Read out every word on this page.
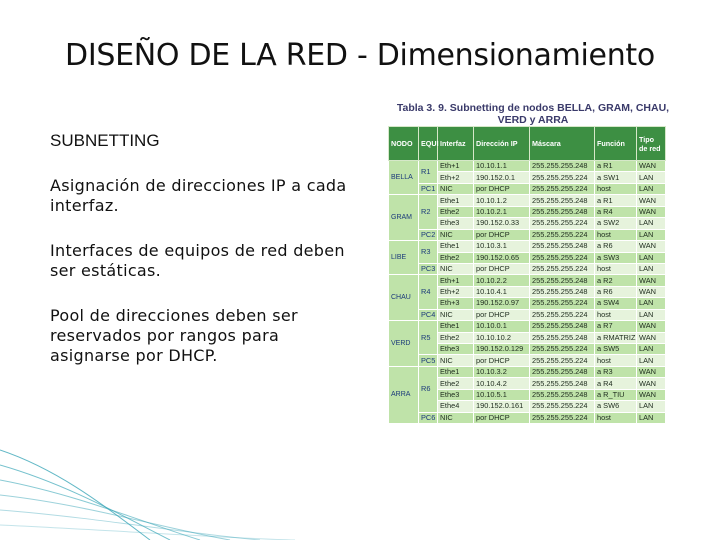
DISEÑO DE LA RED - Dimensionamiento
SUBNETTING
Asignación de direcciones IP a cada interfaz.
Interfaces de equipos de red deben ser estáticas.
Pool de direcciones deben ser reservados por rangos para asignarse por DHCP.
Tabla 3. 9. Subnetting de nodos BELLA, GRAM, CHAU, VERD y ARRA
NODO	EQUI	Interfaz	Dirección IP	Máscara	Función	Tipo de red
BELLA	R1	Eth+1	10.10.1.1	255.255.255.248	a R1	WAN
		Eth+2	190.152.0.1	255.255.255.224	a SW1	LAN
	PC1	NIC	por DHCP	255.255.255.224	host	LAN
GRAM	R2	Ethe1	10.10.1.2	255.255.255.248	a R1	WAN
		Ethe2	10.10.2.1	255.255.255.248	a R4	WAN
		Ethe3	190.152.0.33	255.255.255.224	a SW2	LAN
	PC2	NIC	por DHCP	255.255.255.224	host	LAN
LIBE	R3	Ethe1	10.10.3.1	255.255.255.248	a R6	WAN
		Ethe2	190.152.0.65	255.255.255.224	a SW3	LAN
	PC3	NIC	por DHCP	255.255.255.224	host	LAN
CHAU	R4	Eth+1	10.10.2.2	255.255.255.248	a R2	WAN
		Eth+2	10.10.4.1	255.255.255.248	a R6	WAN
		Eth+3	190.152.0.97	255.255.255.224	a SW4	LAN
	PC4	NIC	por DHCP	255.255.255.224	host	LAN
VERD	R5	Ethe1	10.10.0.1	255.255.255.248	a R7	WAN
		Ethe2	10.10.10.2	255.255.255.248	a RMATRIZ	WAN
		Ethe3	190.152.0.129	255.255.255.224	a SW5	LAN
	PC5	NIC	por DHCP	255.255.255.224	host	LAN
ARRA	R6	Ethe1	10.10.3.2	255.255.255.248	a R3	WAN
		Ethe2	10.10.4.2	255.255.255.248	a R4	WAN
		Ethe3	10.10.5.1	255.255.255.248	a R_TIU	WAN
		Ethe4	190.152.0.161	255.255.255.224	a SW6	LAN
	PC6	NIC	por DHCP	255.255.255.224	host	LAN
